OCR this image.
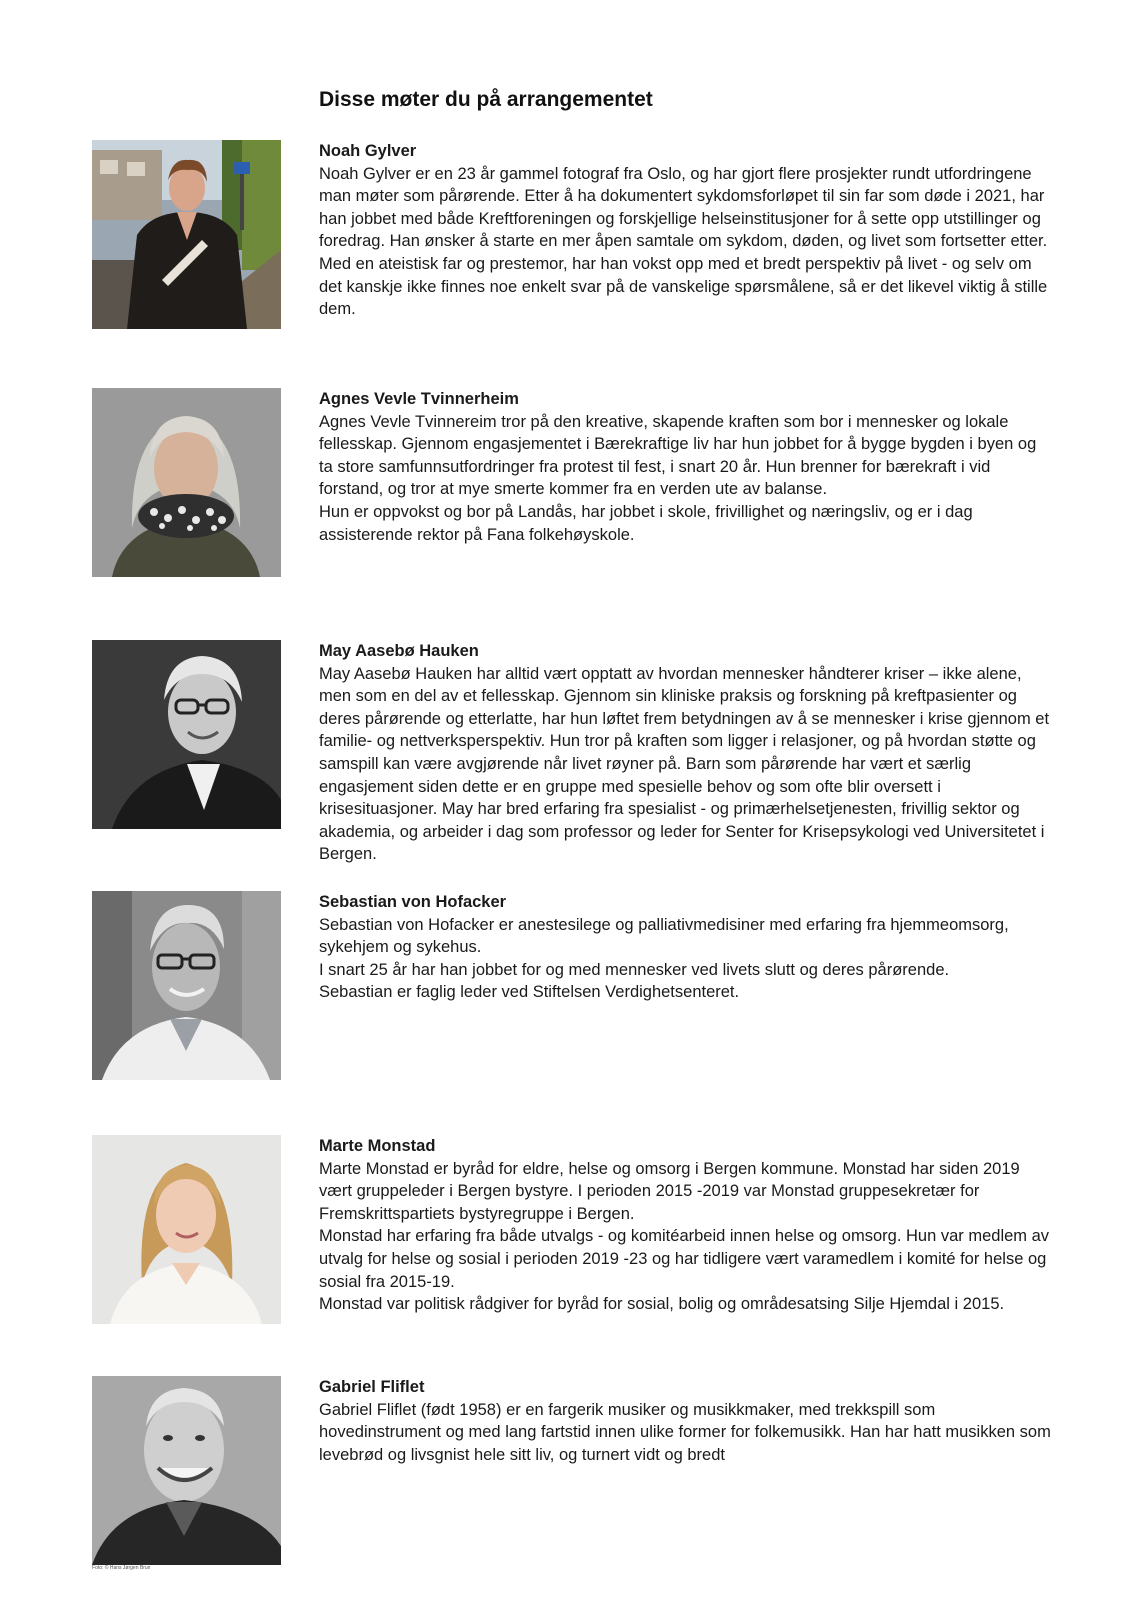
Disse møter du på arrangementet
Noah Gylver

Noah Gylver er en 23 år gammel fotograf fra Oslo, og har gjort flere prosjekter rundt utfordringene man møter som pårørende. Etter å ha dokumentert sykdomsforløpet til sin far som døde i 2021, har han jobbet med både Kreftforeningen og forskjellige helseinstitusjoner for å sette opp utstillinger og foredrag. Han ønsker å starte en mer åpen samtale om sykdom, døden, og livet som fortsetter etter. Med en ateistisk far og prestemor, har han vokst opp med et bredt perspektiv på livet - og selv om det kanskje ikke finnes noe enkelt svar på de vanskelige spørsmålene, så er det likevel viktig å stille dem.

Agnes Vevle Tvinnerheim

Agnes Vevle Tvinnereim tror på den kreative, skapende kraften som bor i mennesker og lokale fellesskap. Gjennom engasjementet i Bærekraftige liv har hun jobbet for å bygge bygden i byen og ta store samfunnsutfordringer fra protest til fest, i snart 20 år. Hun brenner for bærekraft i vid forstand, og tror at mye smerte kommer fra en verden ute av balanse.

Hun er oppvokst og bor på Landås, har jobbet i skole, frivillighet og næringsliv, og er i dag assisterende rektor på Fana folkehøyskole.

May Aasebø Hauken

May Aasebø Hauken har alltid vært opptatt av hvordan mennesker håndterer kriser – ikke alene, men som en del av et fellesskap. Gjennom sin kliniske praksis og forskning på kreftpasienter og deres pårørende og etterlatte, har hun løftet frem betydningen av å se mennesker i krise gjennom et familie- og nettverksperspektiv. Hun tror på kraften som ligger i relasjoner, og på hvordan støtte og samspill kan være avgjørende når livet røyner på. Barn som pårørende har vært et særlig engasjement siden dette er en gruppe med spesielle behov og som ofte blir oversett i krisesituasjoner. May har bred erfaring fra spesialist - og primærhelsetjenesten, frivillig sektor og akademia, og arbeider i dag som professor og leder for Senter for Krisepsykologi ved Universitetet i Bergen.

Sebastian von Hofacker

Sebastian von Hofacker er anestesilege og palliativmedisiner med erfaring fra hjemmeomsorg, sykehjem og sykehus.

I snart 25 år har han jobbet for og med mennesker ved livets slutt og deres pårørende.

Sebastian er faglig leder ved Stiftelsen Verdighetsenteret.

Marte Monstad

Marte Monstad er byråd for eldre, helse og omsorg i Bergen kommune. Monstad har siden 2019 vært gruppeleder i Bergen bystyre. I perioden 2015 -2019 var Monstad gruppesekretær for Fremskrittspartiets bystyregruppe i Bergen.

Monstad har erfaring fra både utvalgs - og komitéarbeid innen helse og omsorg. Hun var medlem av utvalg for helse og sosial i perioden 2019 -23 og har tidligere vært varamedlem i komité for helse og sosial fra 2015-19.

Monstad var politisk rådgiver for byråd for sosial, bolig og områdesatsing Silje Hjemdal i 2015.

Gabriel Fliflet

Gabriel Fliflet (født 1958) er en fargerik musiker og musikkmaker, med trekkspill som hovedinstrument og med lang fartstid innen ulike former for folkemusikk. Han har hatt musikken som levebrød og livsgnist hele sitt liv, og turnert vidt og bredt

Foto: © Hans Jørgen Brun
